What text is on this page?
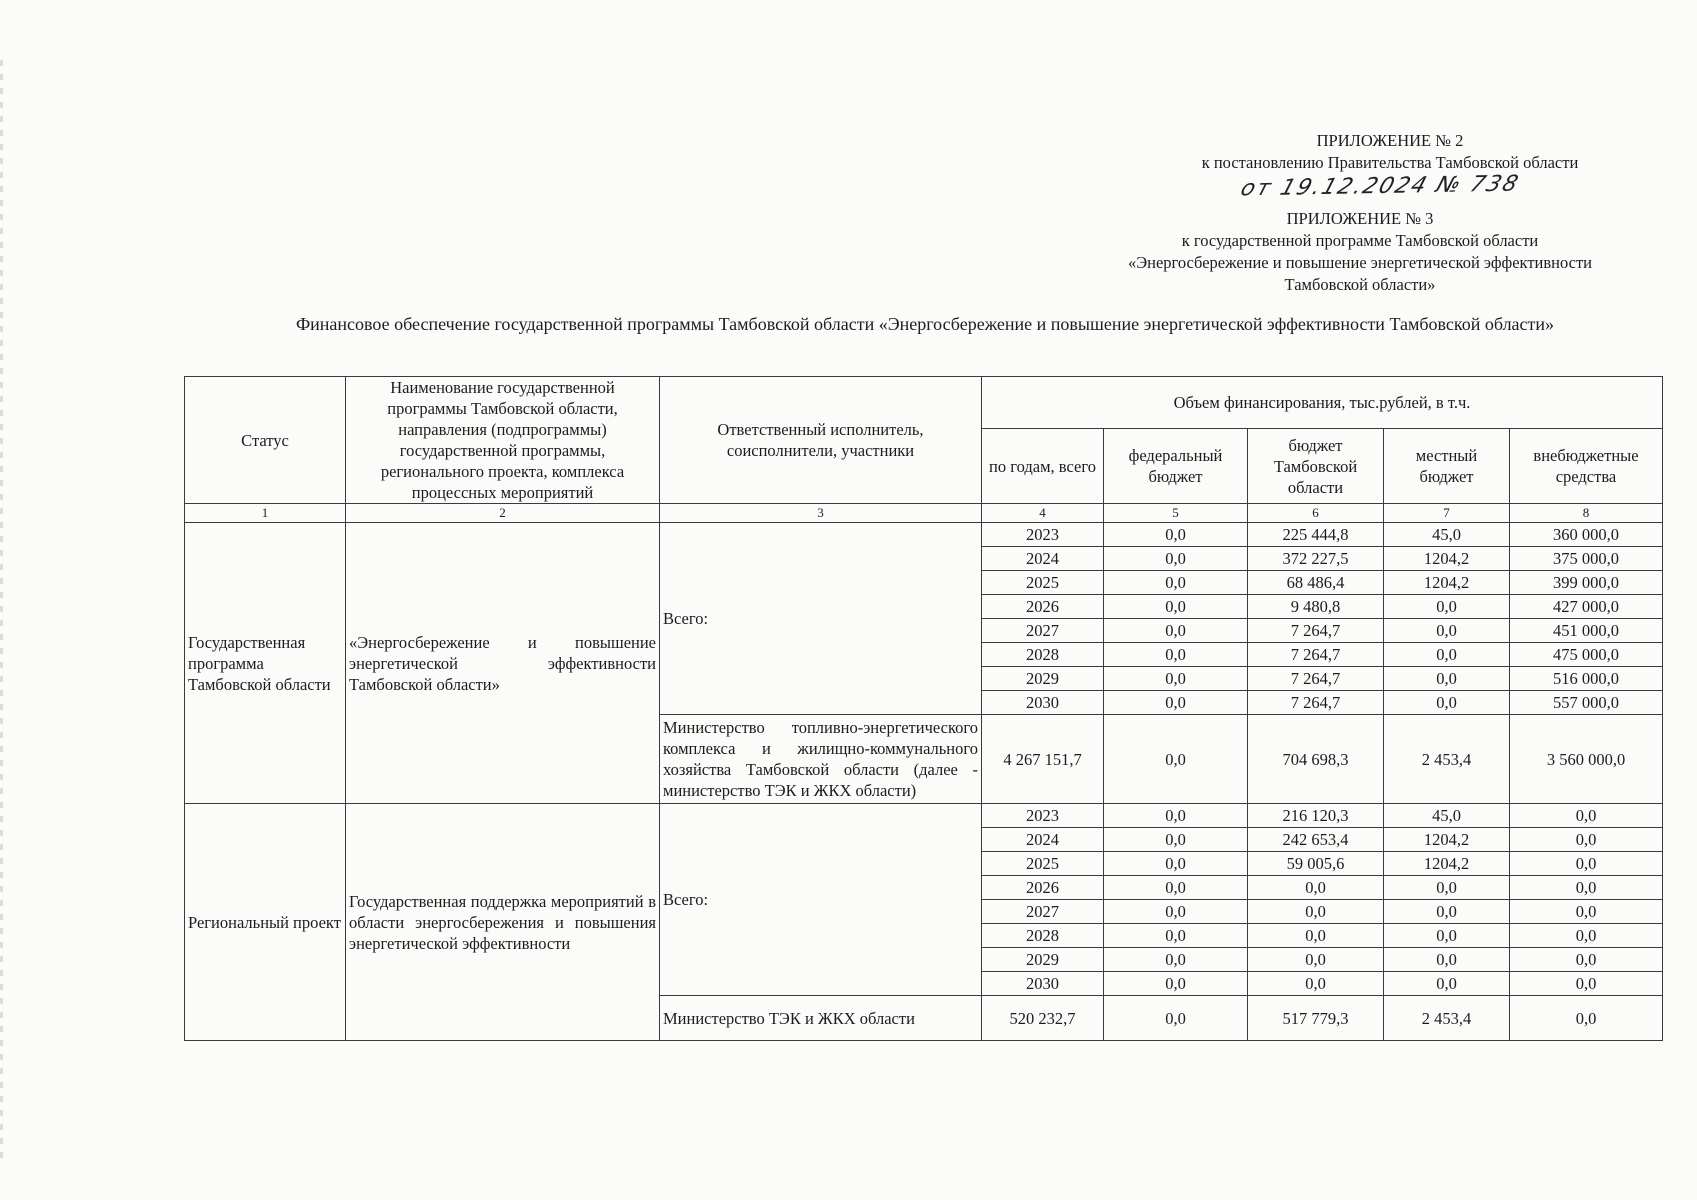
ПРИЛОЖЕНИЕ № 2
к постановлению Правительства Тамбовской области
от 19.12.2024 № 738
ПРИЛОЖЕНИЕ № 3
к государственной программе Тамбовской области
«Энергосбережение и повышение энергетической эффективности
Тамбовской области»
Финансовое обеспечение государственной программы Тамбовской области «Энергосбережение и повышение энергетической эффективности Тамбовской области»
Статус	Наименование государственной программы Тамбовской области, направления (подпрограммы) государственной программы, регионального проекта, комплекса процессных мероприятий	Ответственный исполнитель, соисполнители, участники	Объем финансирования, тыс.рублей, в т.ч.				
			по годам, всего	федеральный бюджет	бюджет Тамбовской области	местный бюджет	внебюджетные средства
1	2	3	4	5	6	7	8
Государственная программа Тамбовской области	«Энергосбережение и повышение энергетической эффективности Тамбовской области»	Всего:	2023	0,0	225 444,8	45,0	360 000,0
			2024	0,0	372 227,5	1204,2	375 000,0
			2025	0,0	68 486,4	1204,2	399 000,0
			2026	0,0	9 480,8	0,0	427 000,0
			2027	0,0	7 264,7	0,0	451 000,0
			2028	0,0	7 264,7	0,0	475 000,0
			2029	0,0	7 264,7	0,0	516 000,0
			2030	0,0	7 264,7	0,0	557 000,0
		Министерство топливно-энергетического комплекса и жилищно-коммунального хозяйства Тамбовской области (далее - министерство ТЭК и ЖКХ области)	4 267 151,7	0,0	704 698,3	2 453,4	3 560 000,0
Региональный проект	Государственная поддержка мероприятий в области энергосбережения и повышения энергетической эффективности	Всего:	2023	0,0	216 120,3	45,0	0,0
			2024	0,0	242 653,4	1204,2	0,0
			2025	0,0	59 005,6	1204,2	0,0
			2026	0,0	0,0	0,0	0,0
			2027	0,0	0,0	0,0	0,0
			2028	0,0	0,0	0,0	0,0
			2029	0,0	0,0	0,0	0,0
			2030	0,0	0,0	0,0	0,0
		Министерство ТЭК и ЖКХ области	520 232,7	0,0	517 779,3	2 453,4	0,0
